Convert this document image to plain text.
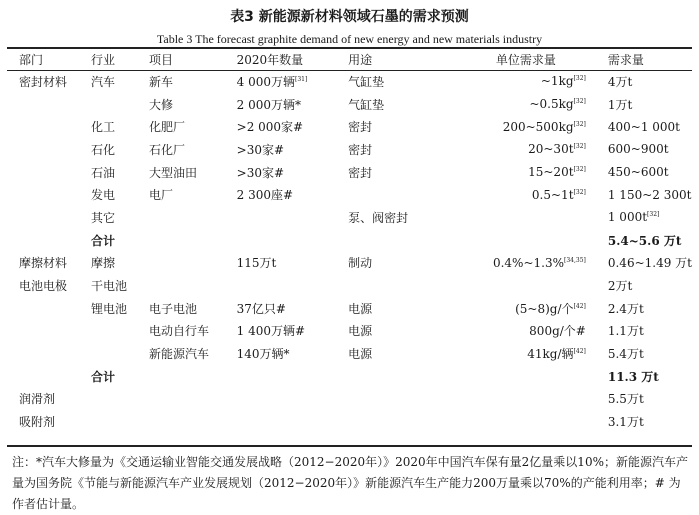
表3 新能源新材料领域石墨的需求预测
Table 3 The forecast graphite demand of new energy and new materials industry
部门	行业	项目	2020年数量	用途	单位需求量	需求量
密封材料	汽车	新车	4 000万辆[31]	气缸垫	~1kg[32]	4万t
		大修	2 000万辆*	气缸垫	~0.5kg[32]	1万t
	化工	化肥厂	>2 000家#	密封	200~500kg[32]	400~1 000t
	石化	石化厂	>30家#	密封	20~30t[32]	600~900t
	石油	大型油田	>30家#	密封	15~20t[32]	450~600t
	发电	电厂	2 300座#		0.5~1t[32]	1 150~2 300t
	其它			泵、阀密封		1 000t[32]
	合计					5.4~5.6 万t
摩擦材料	摩擦		115万t	制动	0.4%~1.3%[34,35]	0.46~1.49 万t
电池电极	干电池					2万t
	锂电池	电子电池	37亿只#	电源	(5~8)g/个[42]	2.4万t
		电动自行车	1 400万辆#	电源	800g/个#	1.1万t
		新能源汽车	140万辆*	电源	41kg/辆[42]	5.4万t
	合计					11.3 万t
润滑剂						5.5万t
吸附剂						3.1万t
注：*汽车大修量为《交通运输业智能交通发展战略（2012−2020年）》2020年中国汽车保有量2亿量乘以10%；新能源汽车产量为国务院《节能与新能源汽车产业发展规划（2012−2020年）》新能源汽车生产能力200万量乘以70%的产能利用率；# 为作者估计量。
